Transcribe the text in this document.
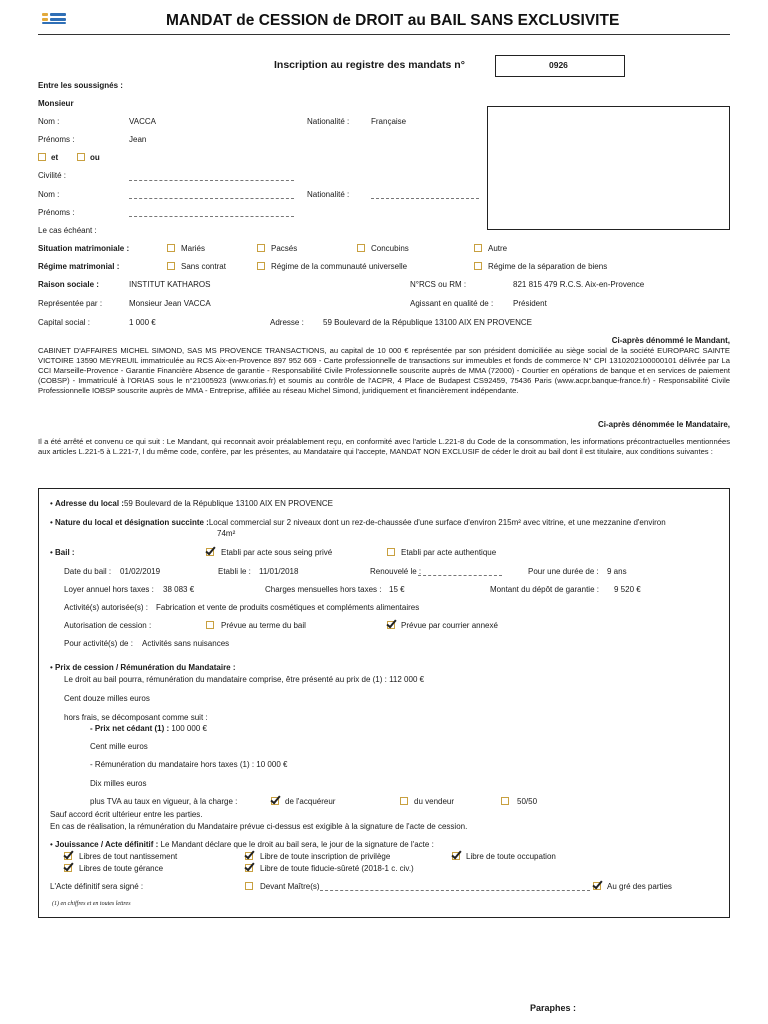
MANDAT de CESSION de DROIT au BAIL SANS EXCLUSIVITE
Inscription au registre des mandats n°	0926
Entre les soussignés :
Monsieur
Nom :	VACCA	Nationalité :	Française
Prénoms :	Jean
et	ou
Civilité :
Nom :	Nationalité :
Prénoms :
Le cas échéant :
Situation matrimoniale :	Mariés	Pacsés	Concubins	Autre
Régime matrimonial :	Sans contrat	Régime de la communauté universelle	Régime de la séparation de biens
Raison sociale :	INSTITUT KATHAROS	N°RCS ou RM :	821 815 479 R.C.S. Aix-en-Provence
Représentée par :	Monsieur Jean VACCA	Agissant en qualité de : Président
Capital social :	1 000 €	Adresse : 59 Boulevard de la République 13100 AIX EN PROVENCE
Ci-après dénommé le Mandant,
CABINET D'AFFAIRES MICHEL SIMOND, SAS MS PROVENCE TRANSACTIONS, au capital de 10 000 € représentée par son président domiciliée au siège social de la société EUROPARC SAINTE VICTOIRE 13590 MEYREUIL immatriculée au RCS Aix-en-Provence 897 952 669 - Carte professionnelle de transactions sur immeubles et fonds de commerce N° CPI 1310202100000101 délivrée par La CCI Marseille-Provence - Garantie Financière Absence de garantie - Responsabilité Civile Professionnelle souscrite auprès de MMA (72000) - Courtier en opérations de banque et en services de paiement (COBSP) - Immatriculé à l'ORIAS sous le n°21005923 (www.orias.fr) et soumis au contrôle de l'ACPR, 4 Place de Budapest CS92459, 75436 Paris (www.acpr.banque-france.fr) - Responsabilité Civile Professionnelle IOBSP souscrite auprès de MMA - Entreprise, affiliée au réseau Michel Simond, juridiquement et financièrement indépendante.
Ci-après dénommée le Mandataire,
Il a été arrêté et convenu ce qui suit : Le Mandant, qui reconnait avoir préalablement reçu, en conformité avec l'article L.221-8 du Code de la consommation, les informations précontractuelles mentionnées aux articles L.221-5 à L.221-7, l du même code, confère, par les présentes, au Mandataire qui l'accepte, MANDAT NON EXCLUSIF de céder le droit au bail dont il est titulaire, aux conditions suivantes :
• Adresse du local :59 Boulevard de la République 13100 AIX EN PROVENCE
• Nature du local et désignation succinte :Local commercial sur 2 niveaux dont un rez-de-chaussée d'une surface d'environ 215m² avec vitrine, et une mezzanine d'environ
74m²
• Bail :	Etabli par acte sous seing privé	Etabli par acte authentique
Date du bail : 01/02/2019	Etabli le : 11/01/2018	Renouvelé le :	Pour une durée de : 9 ans
Loyer annuel hors taxes : 38 083 €	Charges mensuelles hors taxes : 15 €	Montant du dépôt de garantie : 9 520 €
Activité(s) autorisée(s) : Fabrication et vente de produits cosmétiques et compléments alimentaires
Autorisation de cession :	Prévue au terme du bail	Prévue par courrier annexé
Pour activité(s) de : Activités sans nuisances
• Prix de cession / Rémunération du Mandataire :
Le droit au bail pourra, rémunération du mandataire comprise, être présenté au prix de (1) : 112 000 €
Cent douze milles euros
hors frais, se décomposant comme suit :
- Prix net cédant (1) : 100 000 €
Cent mille euros
- Rémunération du mandataire hors taxes (1) : 10 000 €
Dix milles euros
plus TVA au taux en vigueur, à la charge :	de l'acquéreur	du vendeur	50/50
Sauf accord écrit ultérieur entre les parties.
En cas de réalisation, la rémunération du Mandataire prévue ci-dessus est exigible à la signature de l'acte de cession.
• Jouissance / Acte définitif : Le Mandant déclare que le droit au bail sera, le jour de la signature de l'acte :
Libres de tout nantissement	Libre de toute inscription de privilège	Libre de toute occupation
Libres de toute gérance	Libre de toute fiducie-sûreté (2018-1 c. civ.)
L'Acte définitif sera signé :	Devant Maître(s)	Au gré des parties
(1) en chiffres et en toutes lettres
Paraphes :
